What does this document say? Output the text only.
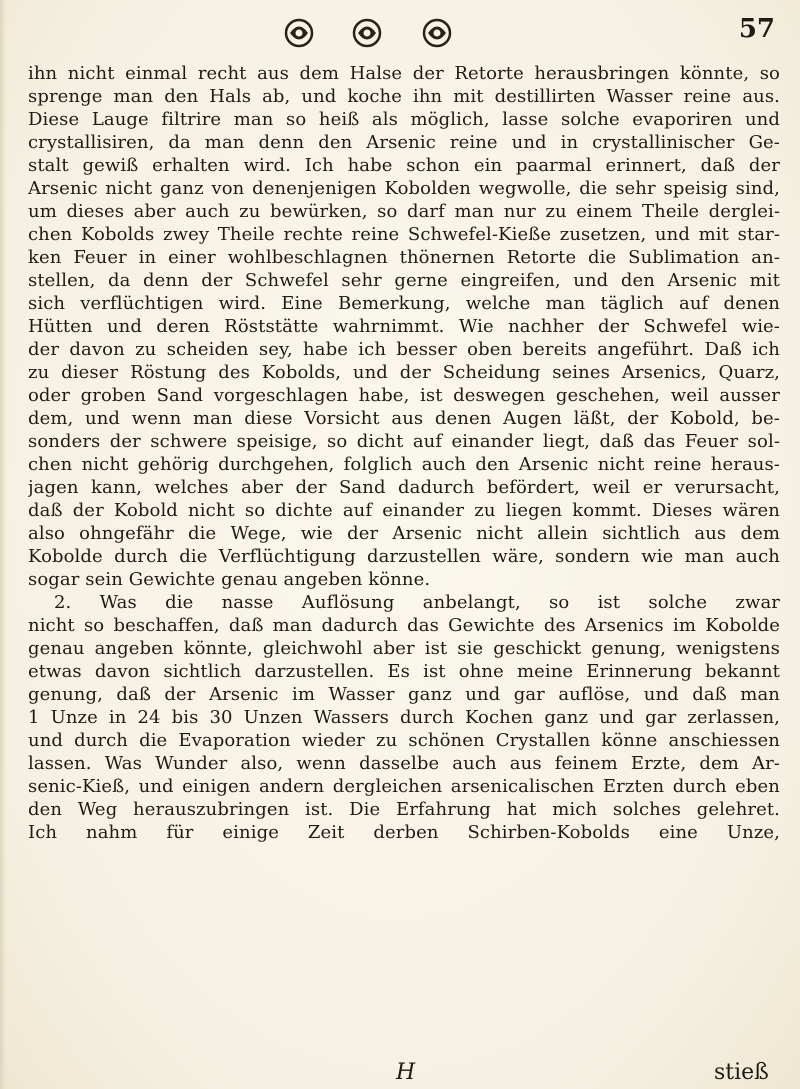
57
ihn nicht einmal recht aus dem Halse der Retorte herausbringen könnte, so
sprenge man den Hals ab, und koche ihn mit destillirten Wasser reine aus.
Diese Lauge filtrire man so heiß als möglich, lasse solche evaporiren und
crystallisiren, da man denn den Arsenic reine und in crystallinischer Ge-
stalt gewiß erhalten wird. Ich habe schon ein paarmal erinnert, daß der
Arsenic nicht ganz von denenjenigen Kobolden wegwolle, die sehr speisig sind,
um dieses aber auch zu bewürken, so darf man nur zu einem Theile derglei-
chen Kobolds zwey Theile rechte reine Schwefel-Kieße zusetzen, und mit star-
ken Feuer in einer wohlbeschlagnen thönernen Retorte die Sublimation an-
stellen, da denn der Schwefel sehr gerne eingreifen, und den Arsenic mit
sich verflüchtigen wird. Eine Bemerkung, welche man täglich auf denen
Hütten und deren Röststätte wahrnimmt. Wie nachher der Schwefel wie-
der davon zu scheiden sey, habe ich besser oben bereits angeführt. Daß ich
zu dieser Röstung des Kobolds, und der Scheidung seines Arsenics, Quarz,
oder groben Sand vorgeschlagen habe, ist deswegen geschehen, weil ausser
dem, und wenn man diese Vorsicht aus denen Augen läßt, der Kobold, be-
sonders der schwere speisige, so dicht auf einander liegt, daß das Feuer sol-
chen nicht gehörig durchgehen, folglich auch den Arsenic nicht reine heraus-
jagen kann, welches aber der Sand dadurch befördert, weil er verursacht,
daß der Kobold nicht so dichte auf einander zu liegen kommt. Dieses wären
also ohngefähr die Wege, wie der Arsenic nicht allein sichtlich aus dem
Kobolde durch die Verflüchtigung darzustellen wäre, sondern wie man auch
sogar sein Gewichte genau angeben könne.
2. Was die nasse Auflösung anbelangt, so ist solche zwar
nicht so beschaffen, daß man dadurch das Gewichte des Arsenics im Kobolde
genau angeben könnte, gleichwohl aber ist sie geschickt genung, wenigstens
etwas davon sichtlich darzustellen. Es ist ohne meine Erinnerung bekannt
genung, daß der Arsenic im Wasser ganz und gar auflöse, und daß man
1 Unze in 24 bis 30 Unzen Wassers durch Kochen ganz und gar zerlassen,
und durch die Evaporation wieder zu schönen Crystallen könne anschiessen
lassen. Was Wunder also, wenn dasselbe auch aus feinem Erzte, dem Ar-
senic-Kieß, und einigen andern dergleichen arsenicalischen Erzten durch eben
den Weg herauszubringen ist. Die Erfahrung hat mich solches gelehret.
Ich nahm für einige Zeit derben Schirben-Kobolds eine Unze,
H	stieß
